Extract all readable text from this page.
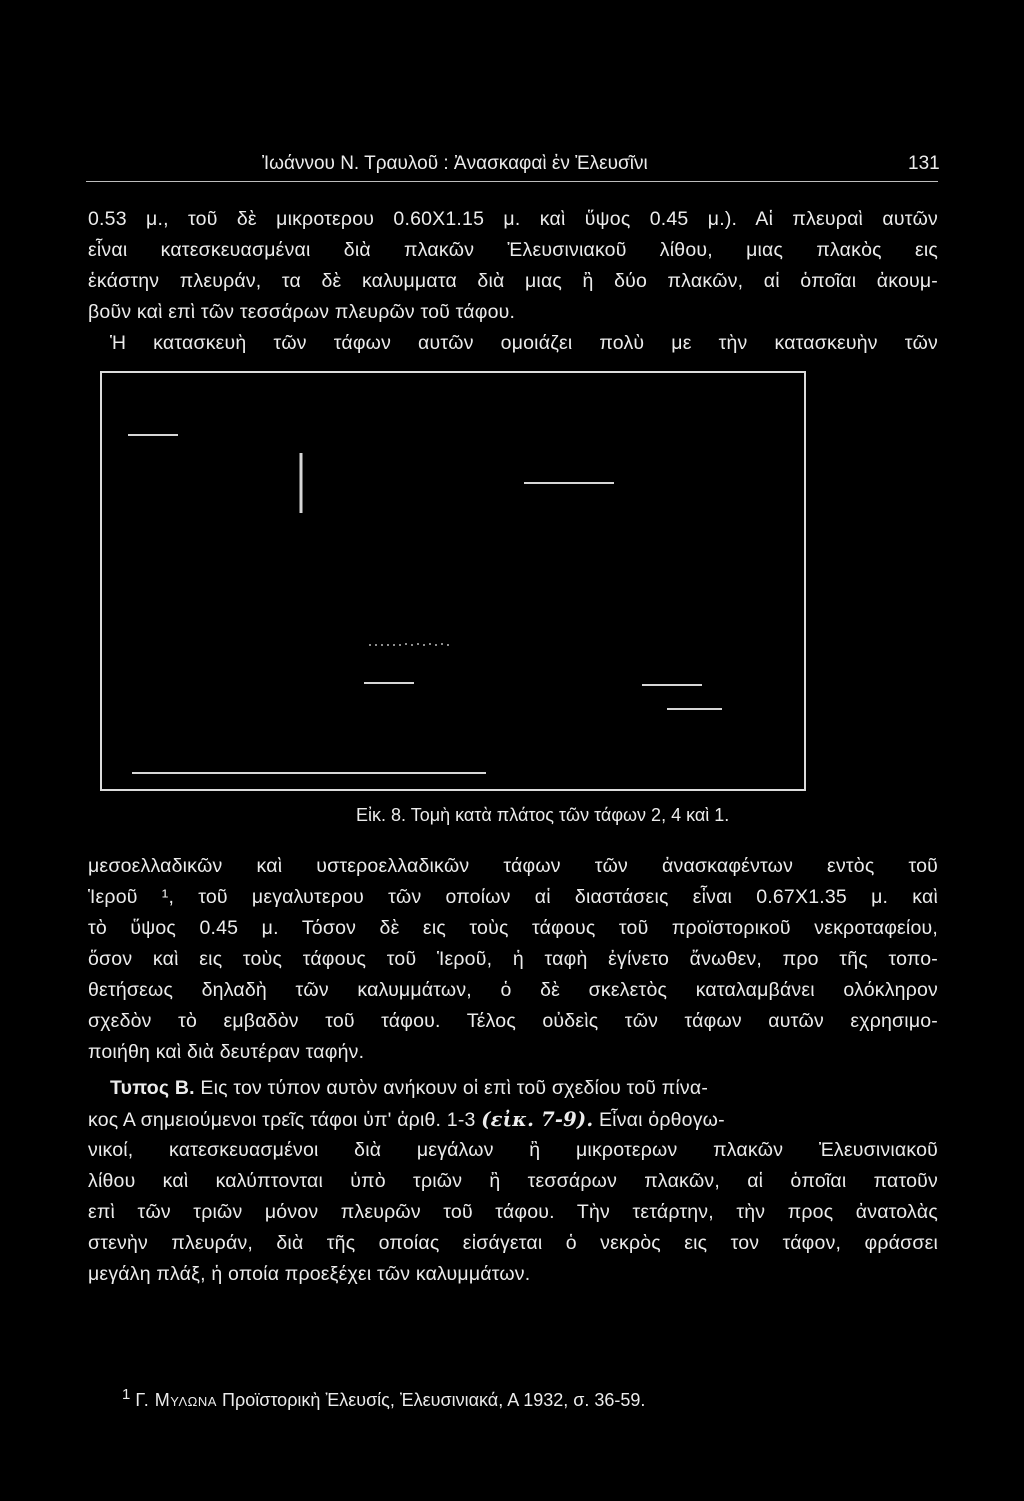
Ἰωάννου Ν. Τραυλοῦ : Ἀνασκαφαὶ ἐν Ἐλευσῖνι	131
0.53 μ., τοῦ δὲ μικροτερου 0.60X1.15 μ. καὶ ὕψος 0.45 μ.). Αἱ πλευραὶ αυτῶν
εἶναι κατεσκευασμέναι διὰ πλακῶν Ἐλευσινιακοῦ λίθου, μιας πλακὸς εις
ἑκάστην πλευράν, τα δὲ καλυμματα διὰ μιας ἢ δύο πλακῶν, αἱ ὁποῖαι ἀκουμ-
βοῦν καὶ επὶ τῶν τεσσάρων πλευρῶν τοῦ τάφου.
Ἡ κατασκευὴ τῶν τάφων αυτῶν ομοιάζει πολὺ με τὴν κατασκευὴν τῶν
Εἰκ. 8. Τομὴ κατὰ πλάτος τῶν τάφων 2, 4 καὶ 1.
μεσοελλαδικῶν καὶ υστεροελλαδικῶν τάφων τῶν ἀνασκαφέντων εντὸς τοῦ
Ἱεροῦ ¹, τοῦ μεγαλυτερου τῶν οποίων αἱ διαστάσεις εἶναι 0.67X1.35 μ. καὶ
τὸ ὕψος 0.45 μ. Τόσον δὲ εις τοὺς τάφους τοῦ προϊστορικοῦ νεκροταφείου,
ὅσον καὶ εις τοὺς τάφους τοῦ Ἱεροῦ, ἡ ταφὴ ἐγίνετο ἄνωθεν, προ τῆς τοπο-
θετήσεως δηλαδὴ τῶν καλυμμάτων, ὁ δὲ σκελετὸς καταλαμβάνει ολόκληρον
σχεδὸν τὸ εμβαδὸν τοῦ τάφου. Τέλος οὐδεὶς τῶν τάφων αυτῶν εχρησιμο-
ποιήθη καὶ διὰ δευτέραν ταφήν.
Τυπος Β. Εις τον τύπον αυτὸν ανήκουν οἱ επὶ τοῦ σχεδίου τοῦ πίνα-
κος Α σημειούμενοι τρεῖς τάφοι ὑπ' ἀριθ. 1-3 (εἰκ. 7-9). Εἶναι ὀρθογω-
νικοί, κατεσκευασμένοι διὰ μεγάλων ἢ μικροτερων πλακῶν Ἐλευσινιακοῦ
λίθου καὶ καλύπτονται ὑπὸ τριῶν ἢ τεσσάρων πλακῶν, αἱ ὁποῖαι πατοῦν
επὶ τῶν τριῶν μόνον πλευρῶν τοῦ τάφου. Τὴν τετάρτην, τὴν προς ἀνατολὰς
στενὴν πλευράν, διὰ τῆς οποίας εἰσάγεται ὁ νεκρὸς εις τον τάφον, φράσσει
μεγάλη πλάξ, ἡ οποία προεξέχει τῶν καλυμμάτων.
$^1$ Γ. Μυλωνα Προϊστορικὴ Ἐλευσίς, Ἐλευσινιακά, Α 1932, σ. 36-59.
